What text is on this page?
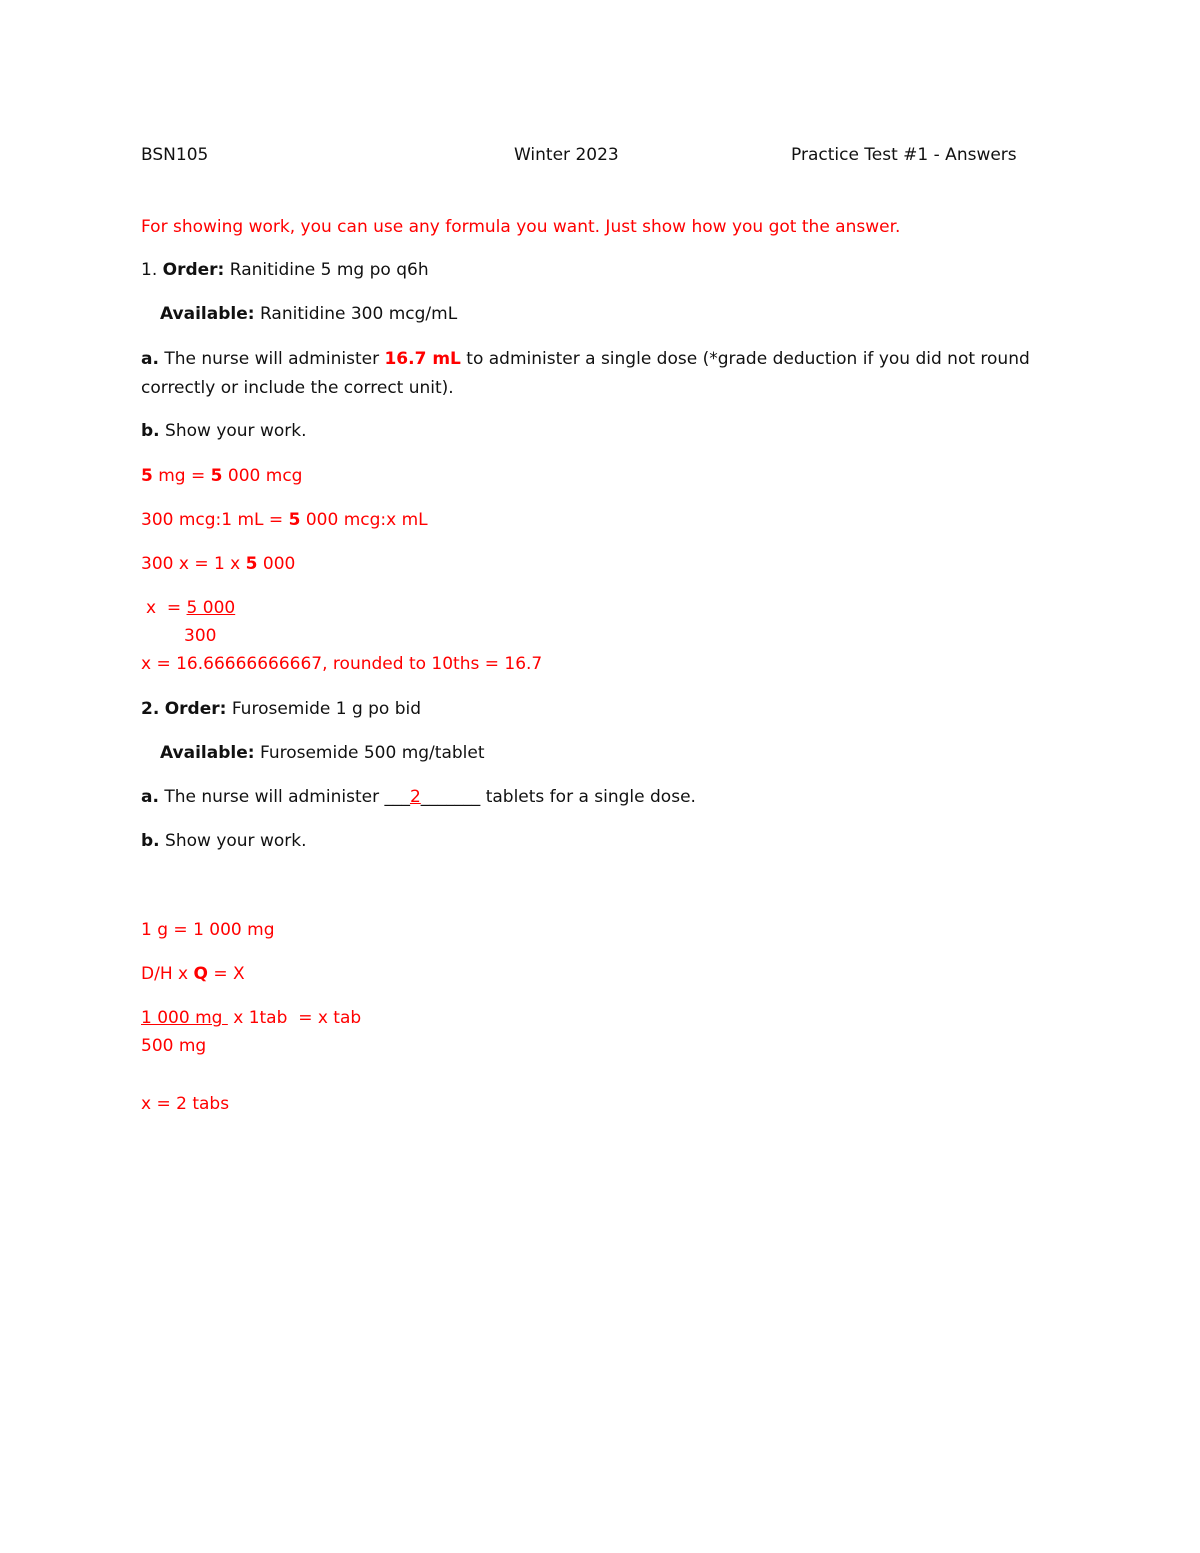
BSN105	Winter 2023	Practice Test #1 - Answers
For showing work, you can use any formula you want. Just show how you got the answer.
1. Order: Ranitidine 5 mg po q6h
Available: Ranitidine 300 mcg/mL
a. The nurse will administer 16.7 mL to administer a single dose (*grade deduction if you did not round
correctly or include the correct unit).
b. Show your work.
5 mg = 5 000 mcg
300 mcg:1 mL = 5 000 mcg:x mL
300 x = 1 x 5 000
x  = 5 000
300
x = 16.66666666667, rounded to 10ths = 16.7
2. Order: Furosemide 1 g po bid
Available: Furosemide 500 mg/tablet
a. The nurse will administer ___2_______ tablets for a single dose.
b. Show your work.
1 g = 1 000 mg
D/H x Q = X
1 000 mg  x 1tab  = x tab
500 mg
x = 2 tabs
